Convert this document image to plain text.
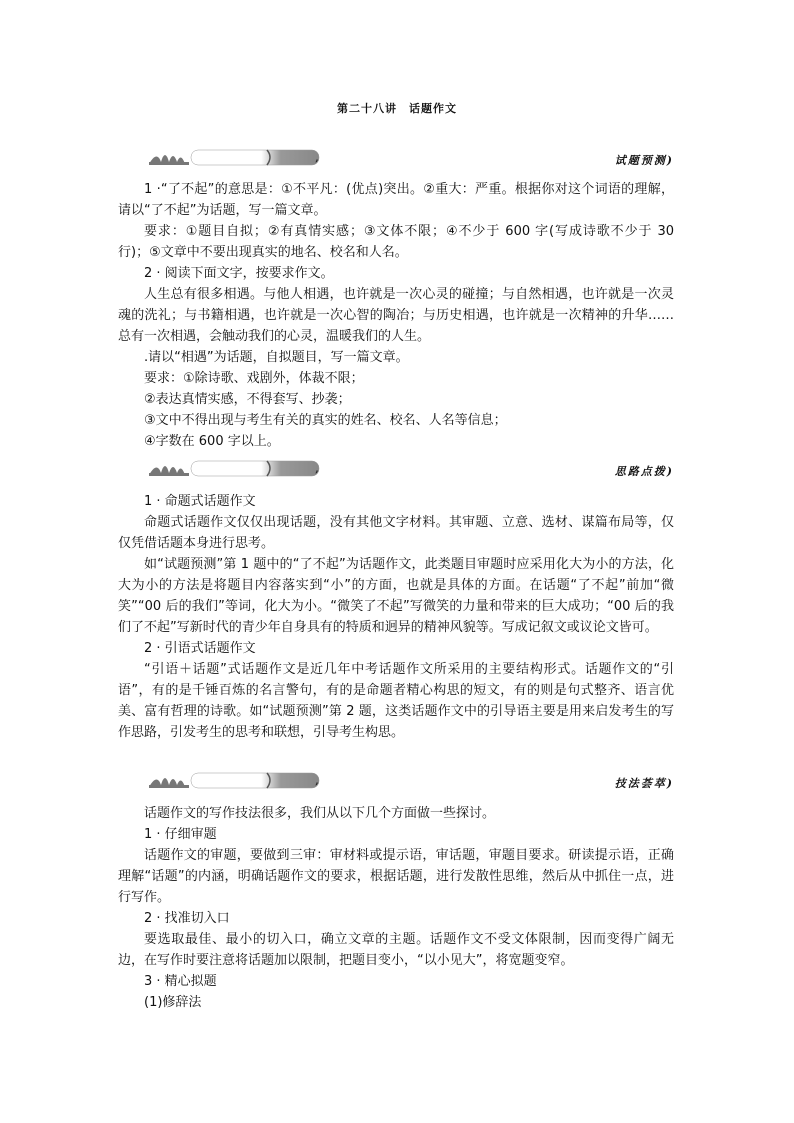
第二十八讲　话题作文
,	试题预测)

1 ·“了不起”的意思是：①不平凡：(优点)突出。②重大：严重。根据你对这个词语的理解，请以“了不起”为话题，写一篇文章。

要求：①题目自拟；②有真情实感；③文体不限；④不少于 600 字(写成诗歌不少于 30 行)；⑤文章中不要出现真实的地名、校名和人名。

2 · 阅读下面文字，按要求作文。

人生总有很多相遇。与他人相遇，也许就是一次心灵的碰撞；与自然相遇，也许就是一次灵魂的洗礼；与书籍相遇，也许就是一次心智的陶冶；与历史相遇，也许就是一次精神的升华……总有一次相遇，会触动我们的心灵，温暖我们的人生。

.请以“相遇”为话题，自拟题目，写一篇文章。

要求：①除诗歌、戏剧外，体裁不限；

②表达真情实感，不得套写、抄袭；

③文中不得出现与考生有关的真实的姓名、校名、人名等信息；

④字数在 600 字以上。

,	思路点拨)

1 · 命题式话题作文

命题式话题作文仅仅出现话题，没有其他文字材料。其审题、立意、选材、谋篇布局等，仅仅凭借话题本身进行思考。

如“试题预测”第 1 题中的“了不起”为话题作文，此类题目审题时应采用化大为小的方法，化大为小的方法是将题目内容落实到“小”的方面，也就是具体的方面。在话题“了不起”前加“微笑”“00 后的我们”等词，化大为小。“微笑了不起”写微笑的力量和带来的巨大成功；“00 后的我们了不起”写新时代的青少年自身具有的特质和迥异的精神风貌等。写成记叙文或议论文皆可。

2 · 引语式话题作文

“引语＋话题”式话题作文是近几年中考话题作文所采用的主要结构形式。话题作文的“引语”，有的是千锤百炼的名言警句，有的是命题者精心构思的短文，有的则是句式整齐、语言优美、富有哲理的诗歌。如“试题预测”第 2 题，这类话题作文中的引导语主要是用来启发考生的写作思路，引发考生的思考和联想，引导考生构思。

,	技法荟萃)

话题作文的写作技法很多，我们从以下几个方面做一些探讨。

1 · 仔细审题

话题作文的审题，要做到三审：审材料或提示语，审话题，审题目要求。研读提示语，正确理解“话题”的内涵，明确话题作文的要求，根据话题，进行发散性思维，然后从中抓住一点，进行写作。

2 · 找准切入口

要选取最佳、最小的切入口，确立文章的主题。话题作文不受文体限制，因而变得广阔无边，在写作时要注意将话题加以限制，把题目变小，“以小见大”，将宽题变窄。

3 · 精心拟题

(1)修辞法
